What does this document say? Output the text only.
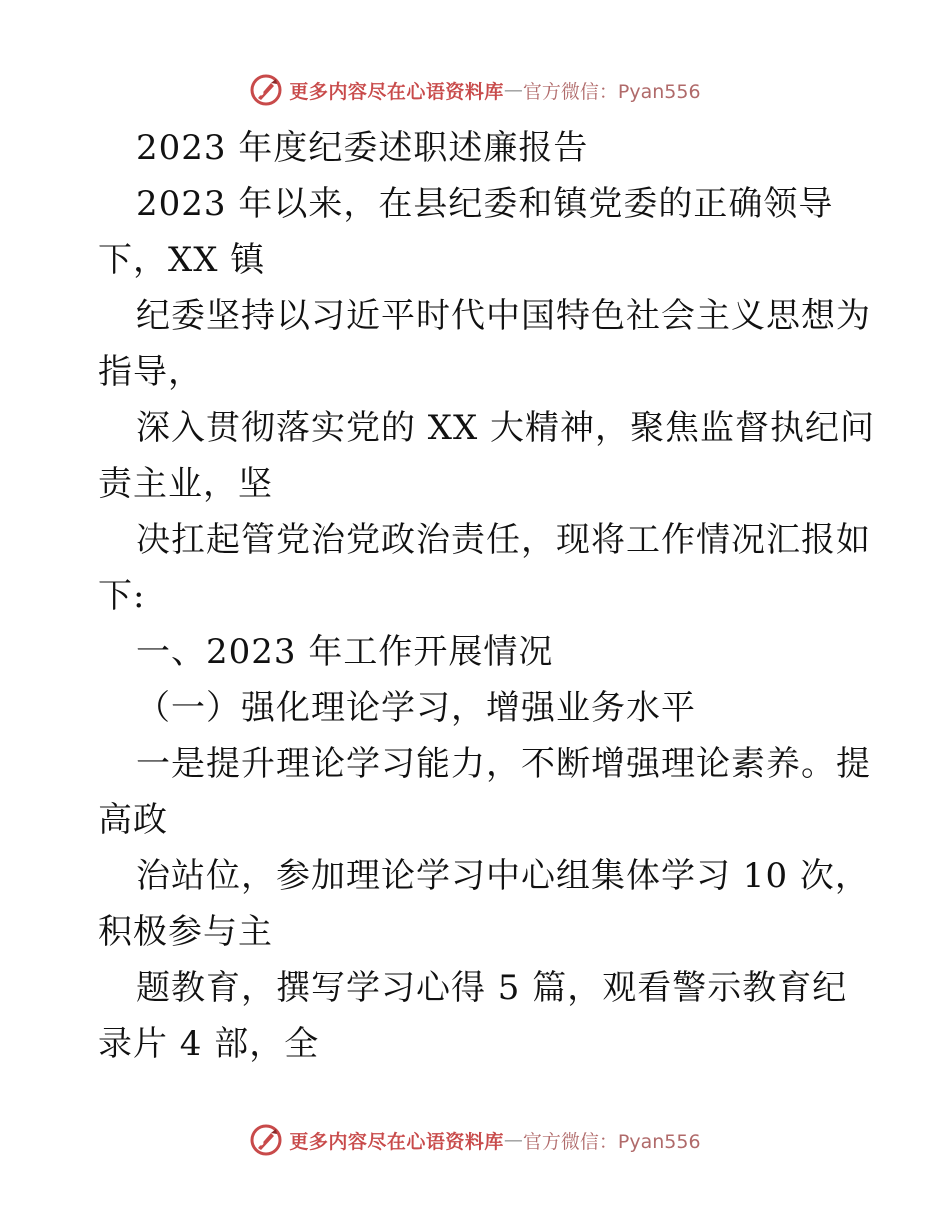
更多内容尽在心语资料库 — 官方微信：Pyan556
2023 年度纪委述职述廉报告
2023 年以来，在县纪委和镇党委的正确领导
下，XX 镇
纪委坚持以习近平时代中国特色社会主义思想为
指导，
深入贯彻落实党的 XX 大精神，聚焦监督执纪问
责主业，坚
决扛起管党治党政治责任，现将工作情况汇报如
下:
一、2023 年工作开展情况
（一）强化理论学习，增强业务水平
一是提升理论学习能力，不断增强理论素养。提
高政
治站位，参加理论学习中心组集体学习 10 次，
积极参与主
题教育，撰写学习心得 5 篇，观看警示教育纪
录片 4 部，全
更多内容尽在心语资料库 — 官方微信：Pyan556
